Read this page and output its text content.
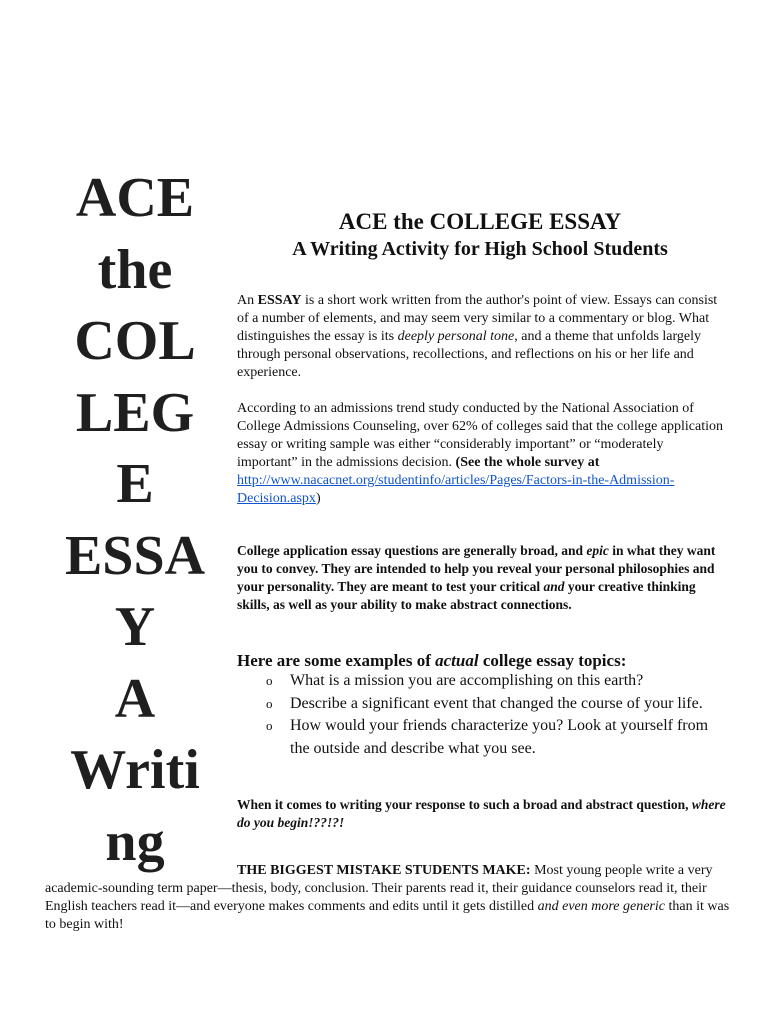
ACE
the
COL
LEG
E
ESSA
Y
A
Writi
ng
ACE the COLLEGE ESSAY
A Writing Activity for High School Students
An ESSAY is a short work written from the author's point of view. Essays can consist of a number of elements, and may seem very similar to a commentary or blog. What distinguishes the essay is its deeply personal tone, and a theme that unfolds largely through personal observations, recollections, and reflections on his or her life and experience.
According to an admissions trend study conducted by the National Association of College Admissions Counseling, over 62% of colleges said that the college application essay or writing sample was either “considerably important” or “moderately important” in the admissions decision. (See the whole survey at http://www.nacacnet.org/studentinfo/articles/Pages/Factors-in-the-Admission-Decision.aspx)
College application essay questions are generally broad, and epic in what they want you to convey. They are intended to help you reveal your personal philosophies and your personality. They are meant to test your critical and your creative thinking skills, as well as your ability to make abstract connections.
Here are some examples of actual college essay topics:
o What is a mission you are accomplishing on this earth?
o Describe a significant event that changed the course of your life.
o How would your friends characterize you? Look at yourself from the outside and describe what you see.
When it comes to writing your response to such a broad and abstract question, where do you begin!??!?!
THE BIGGEST MISTAKE STUDENTS MAKE: Most young people write a very academic-sounding term paper—thesis, body, conclusion. Their parents read it, their guidance counselors read it, their English teachers read it—and everyone makes comments and edits until it gets distilled and even more generic than it was to begin with!
